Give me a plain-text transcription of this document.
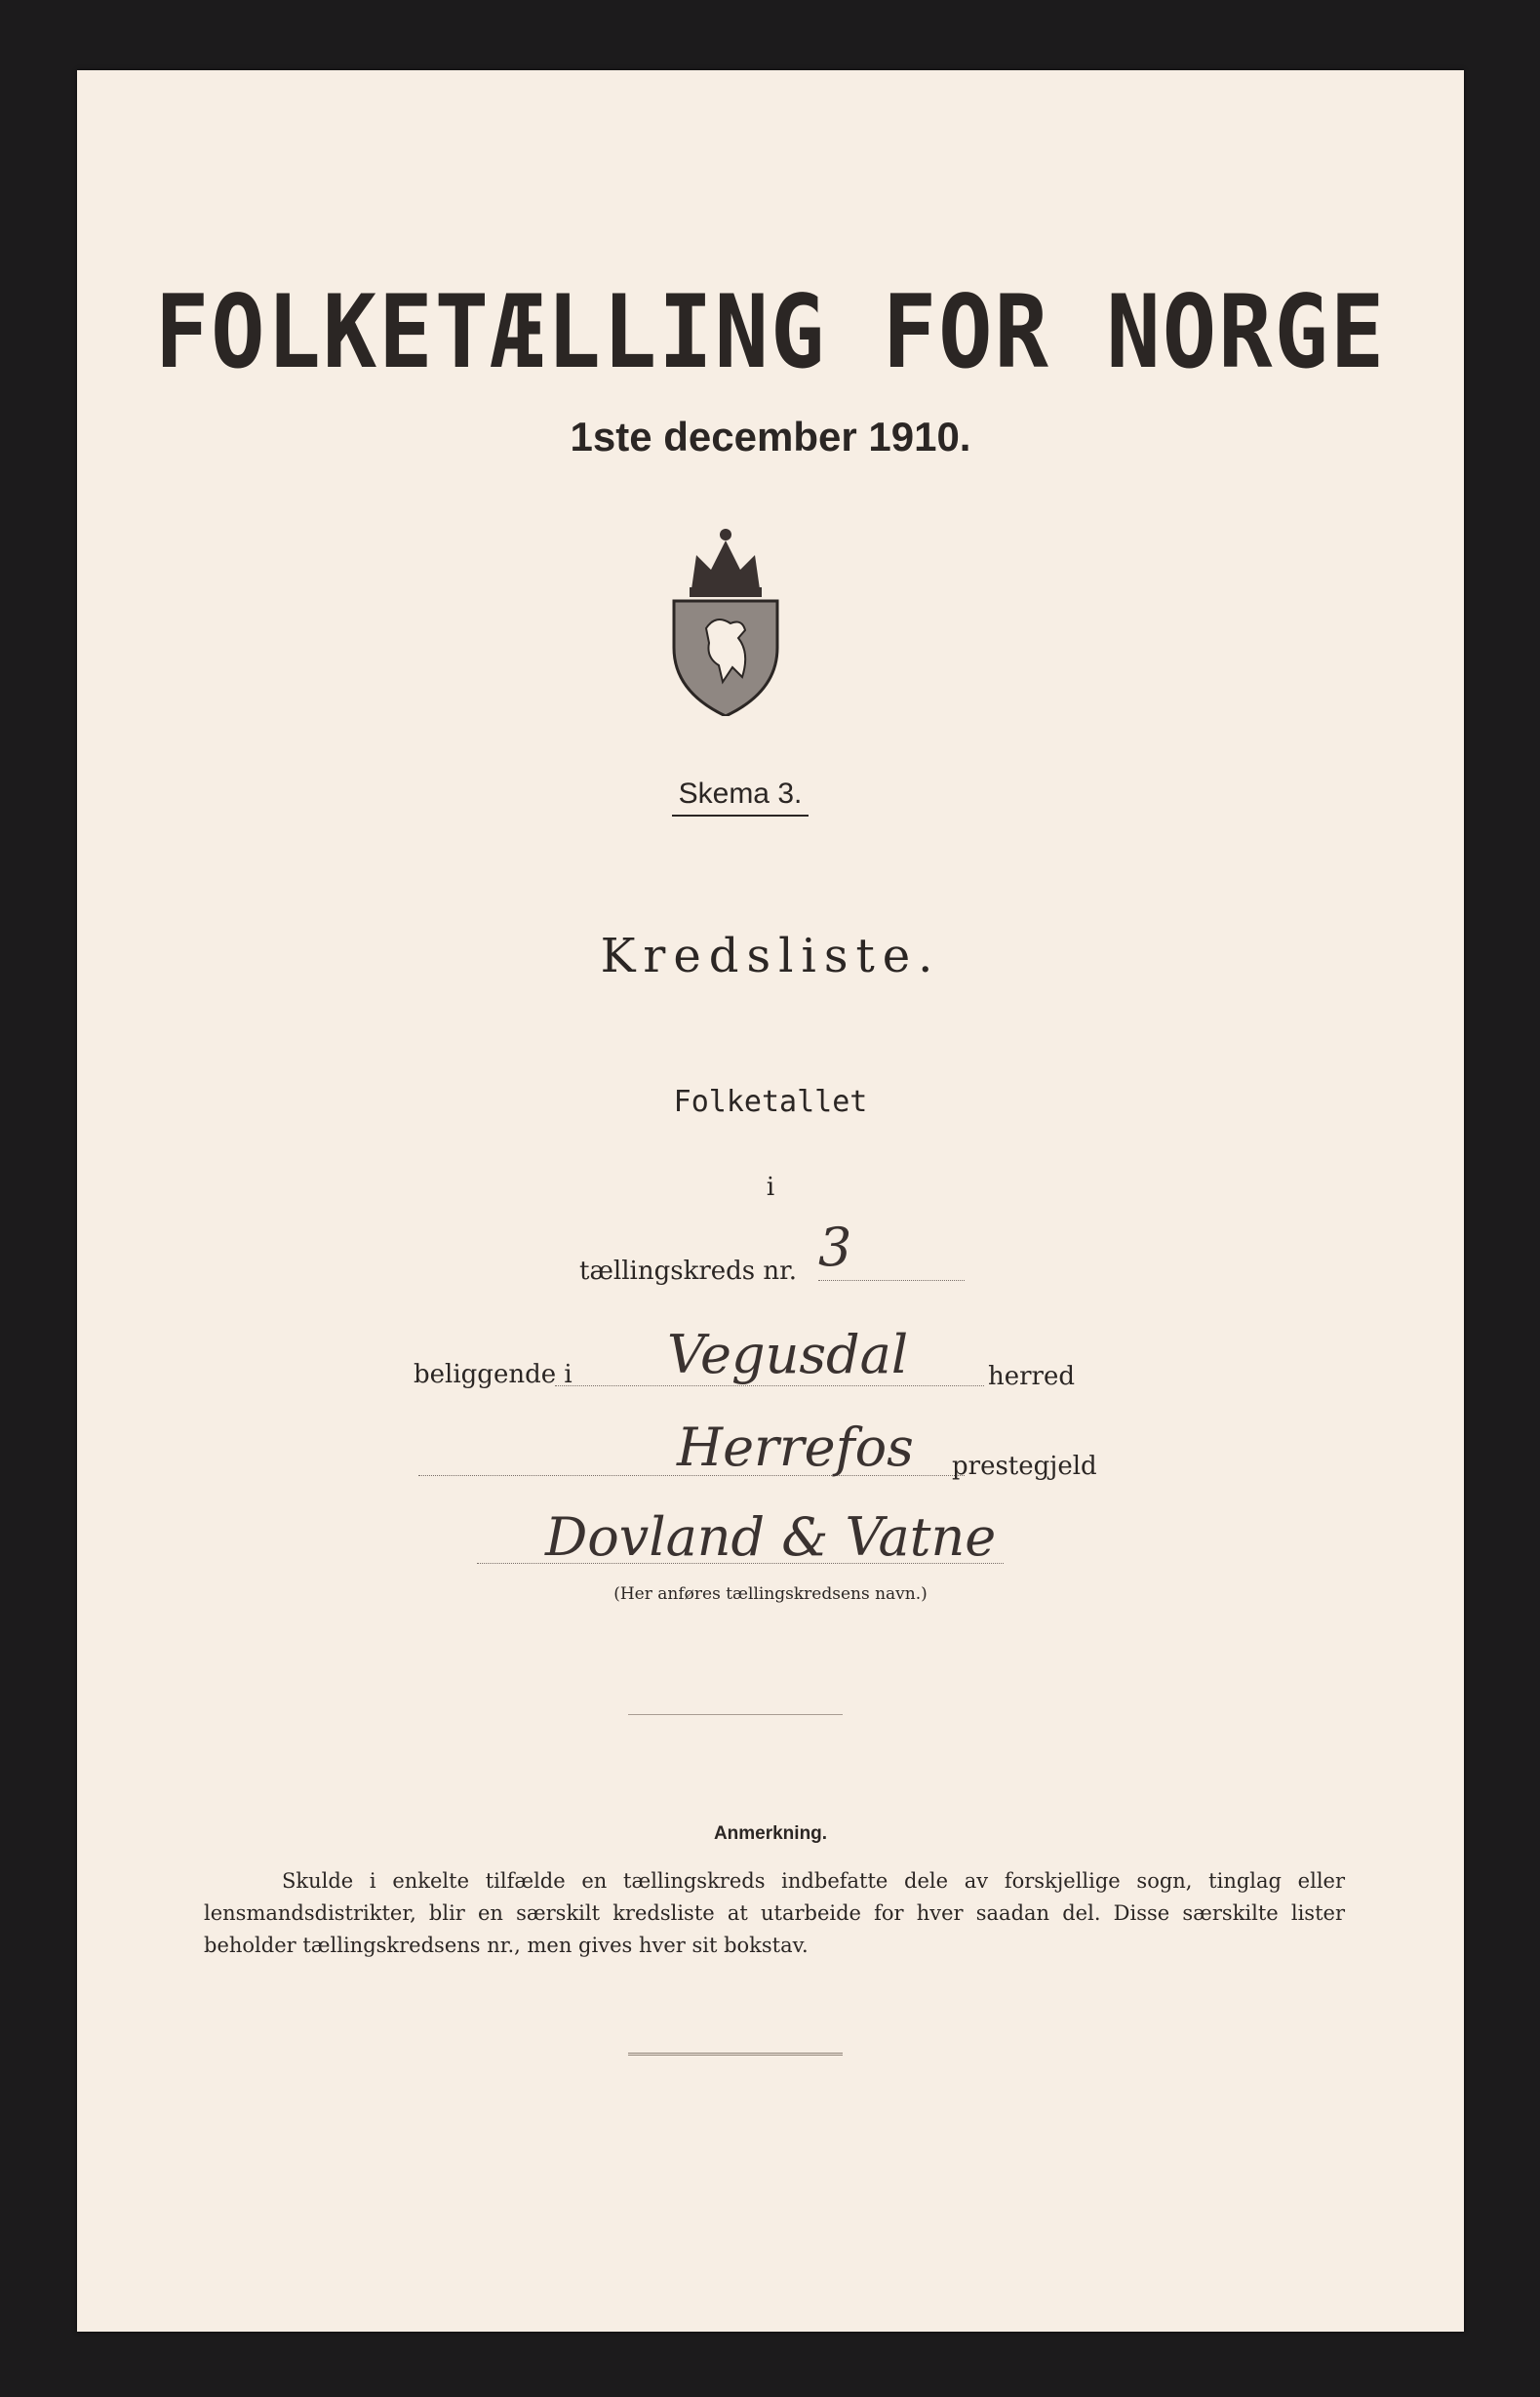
FOLKETÆLLING FOR NORGE
1ste december 1910.
Skema 3.
Kredsliste.
Folketallet
i
tællingskreds nr. 3
beliggende i Vegusdal	herred
Herrefos prestegjeld
Dovland & Vatne
(Her anføres tællingskredsens navn.)
Anmerkning.
Skulde i enkelte tilfælde en tællingskreds indbefatte dele av forskjellige sogn, tinglag eller lensmandsdistrikter, blir en særskilt kredsliste at utarbeide for hver saadan del. Disse særskilte lister beholder tællingskredsens nr., men gives hver sit bokstav.
